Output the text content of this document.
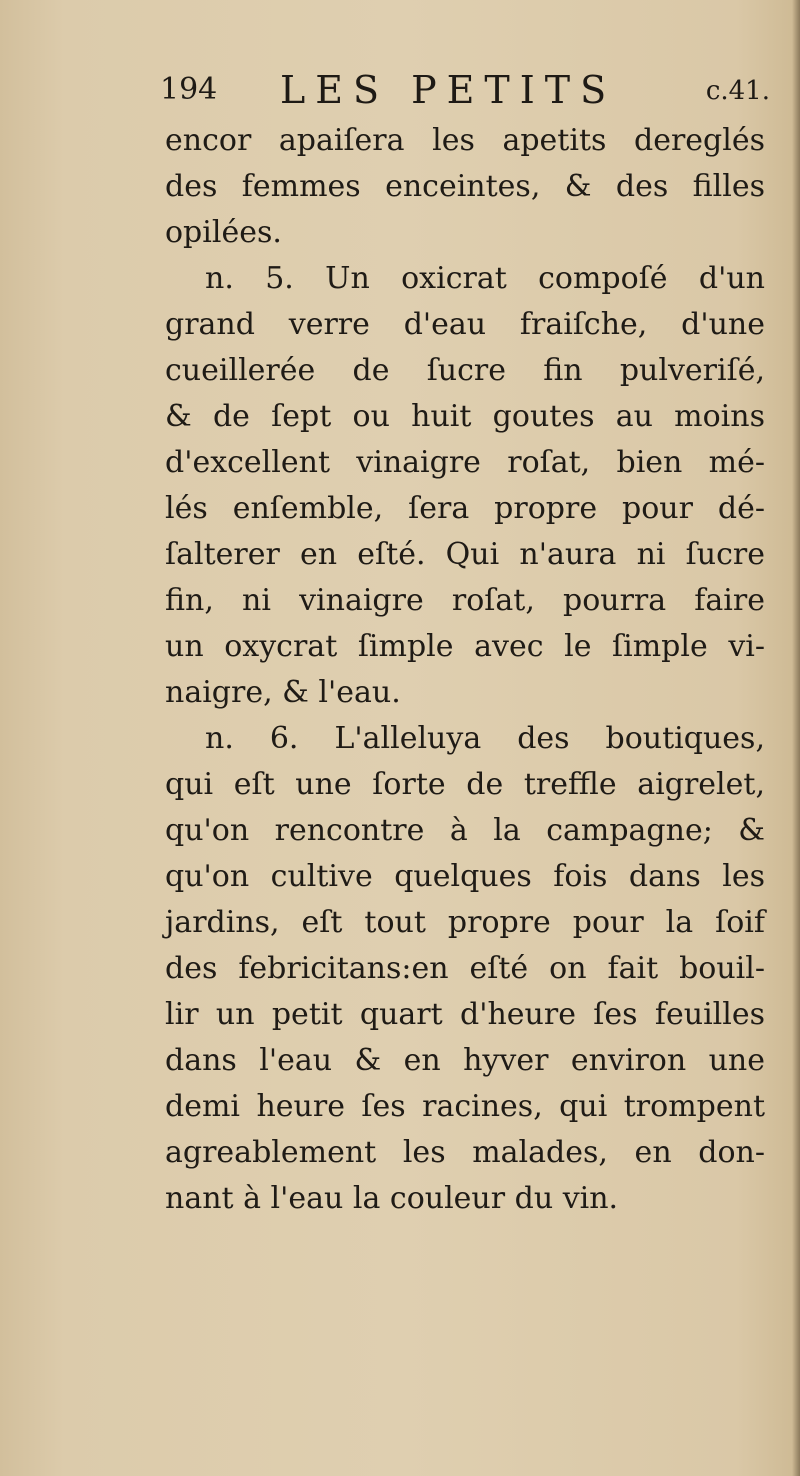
194 LES PETITS	c.41.
encor apaiſera les apetits dereglés
des femmes enceintes, & des filles
opilées.
n. 5. Un oxicrat compoſé d'un
grand verre d'eau fraiſche, d'une
cueillerée de ſucre fin pulveriſé,
& de ſept ou huit goutes au moins
d'excellent vinaigre roſat, bien mé-
lés enſemble, ſera propre pour dé-
ſalterer en eſté. Qui n'aura ni ſucre
fin, ni vinaigre roſat, pourra faire
un oxycrat ſimple avec le ſimple vi-
naigre, & l'eau.
n. 6. L'alleluya des boutiques,
qui eſt une ſorte de treffle aigrelet,
qu'on rencontre à la campagne; &
qu'on cultive quelques fois dans les
jardins, eſt tout propre pour la ſoif
des febricitans:en eſté on fait bouil-
lir un petit quart d'heure ſes feuilles
dans l'eau & en hyver environ une
demi heure ſes racines, qui trompent
agreablement les malades, en don-
nant à l'eau la couleur du vin.
